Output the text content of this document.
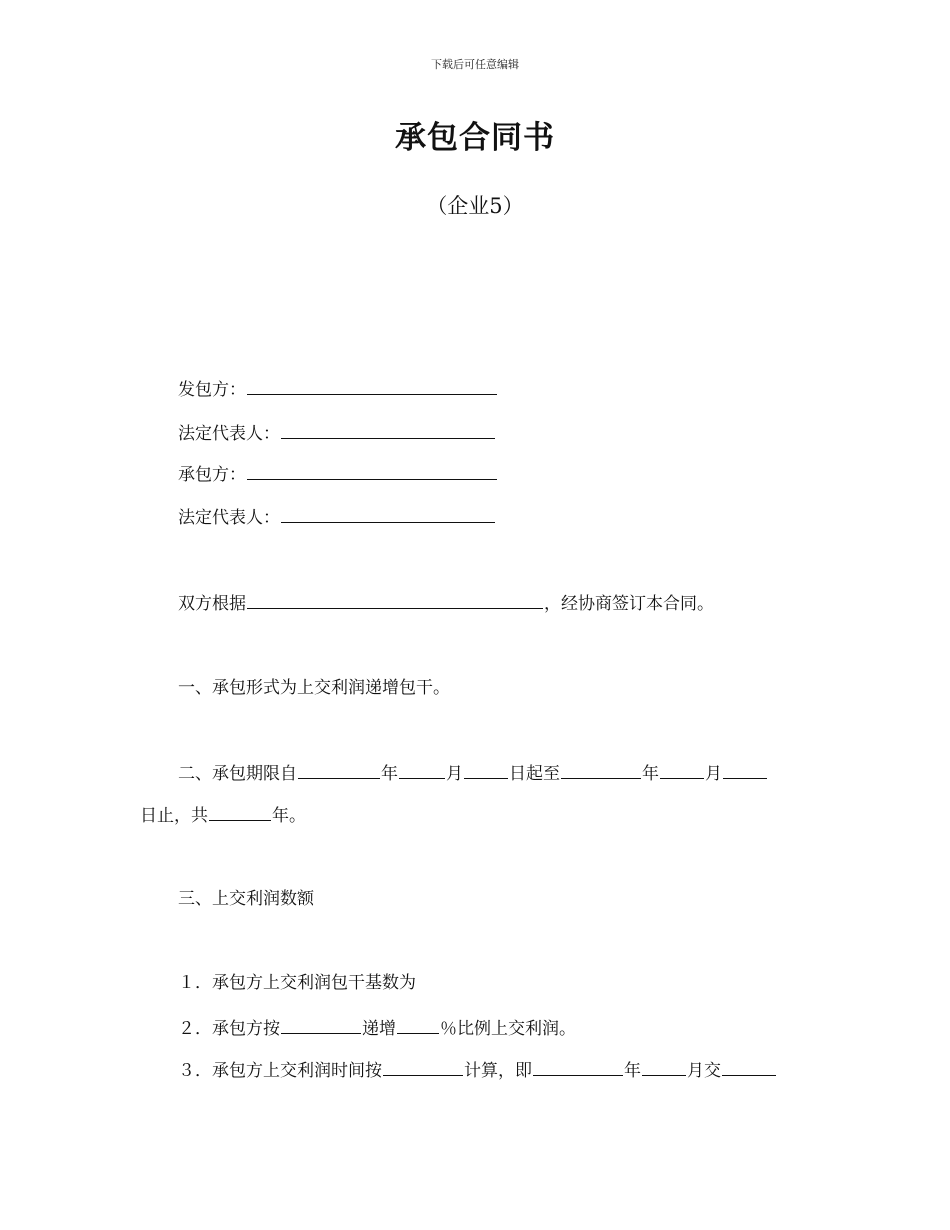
下载后可任意编辑
承包合同书
（企业5）
发包方：
法定代表人：
承包方：
法定代表人：
双方根据	，经协商签订本合同。
一、承包形式为上交利润递增包干。
二、承包期限自	年	月	日起至	年	月
日止，共	年。
三、上交利润数额
１．承包方上交利润包干基数为
２．承包方按	递增	％比例上交利润。
３．承包方上交利润时间按	计算，即	年	月交
